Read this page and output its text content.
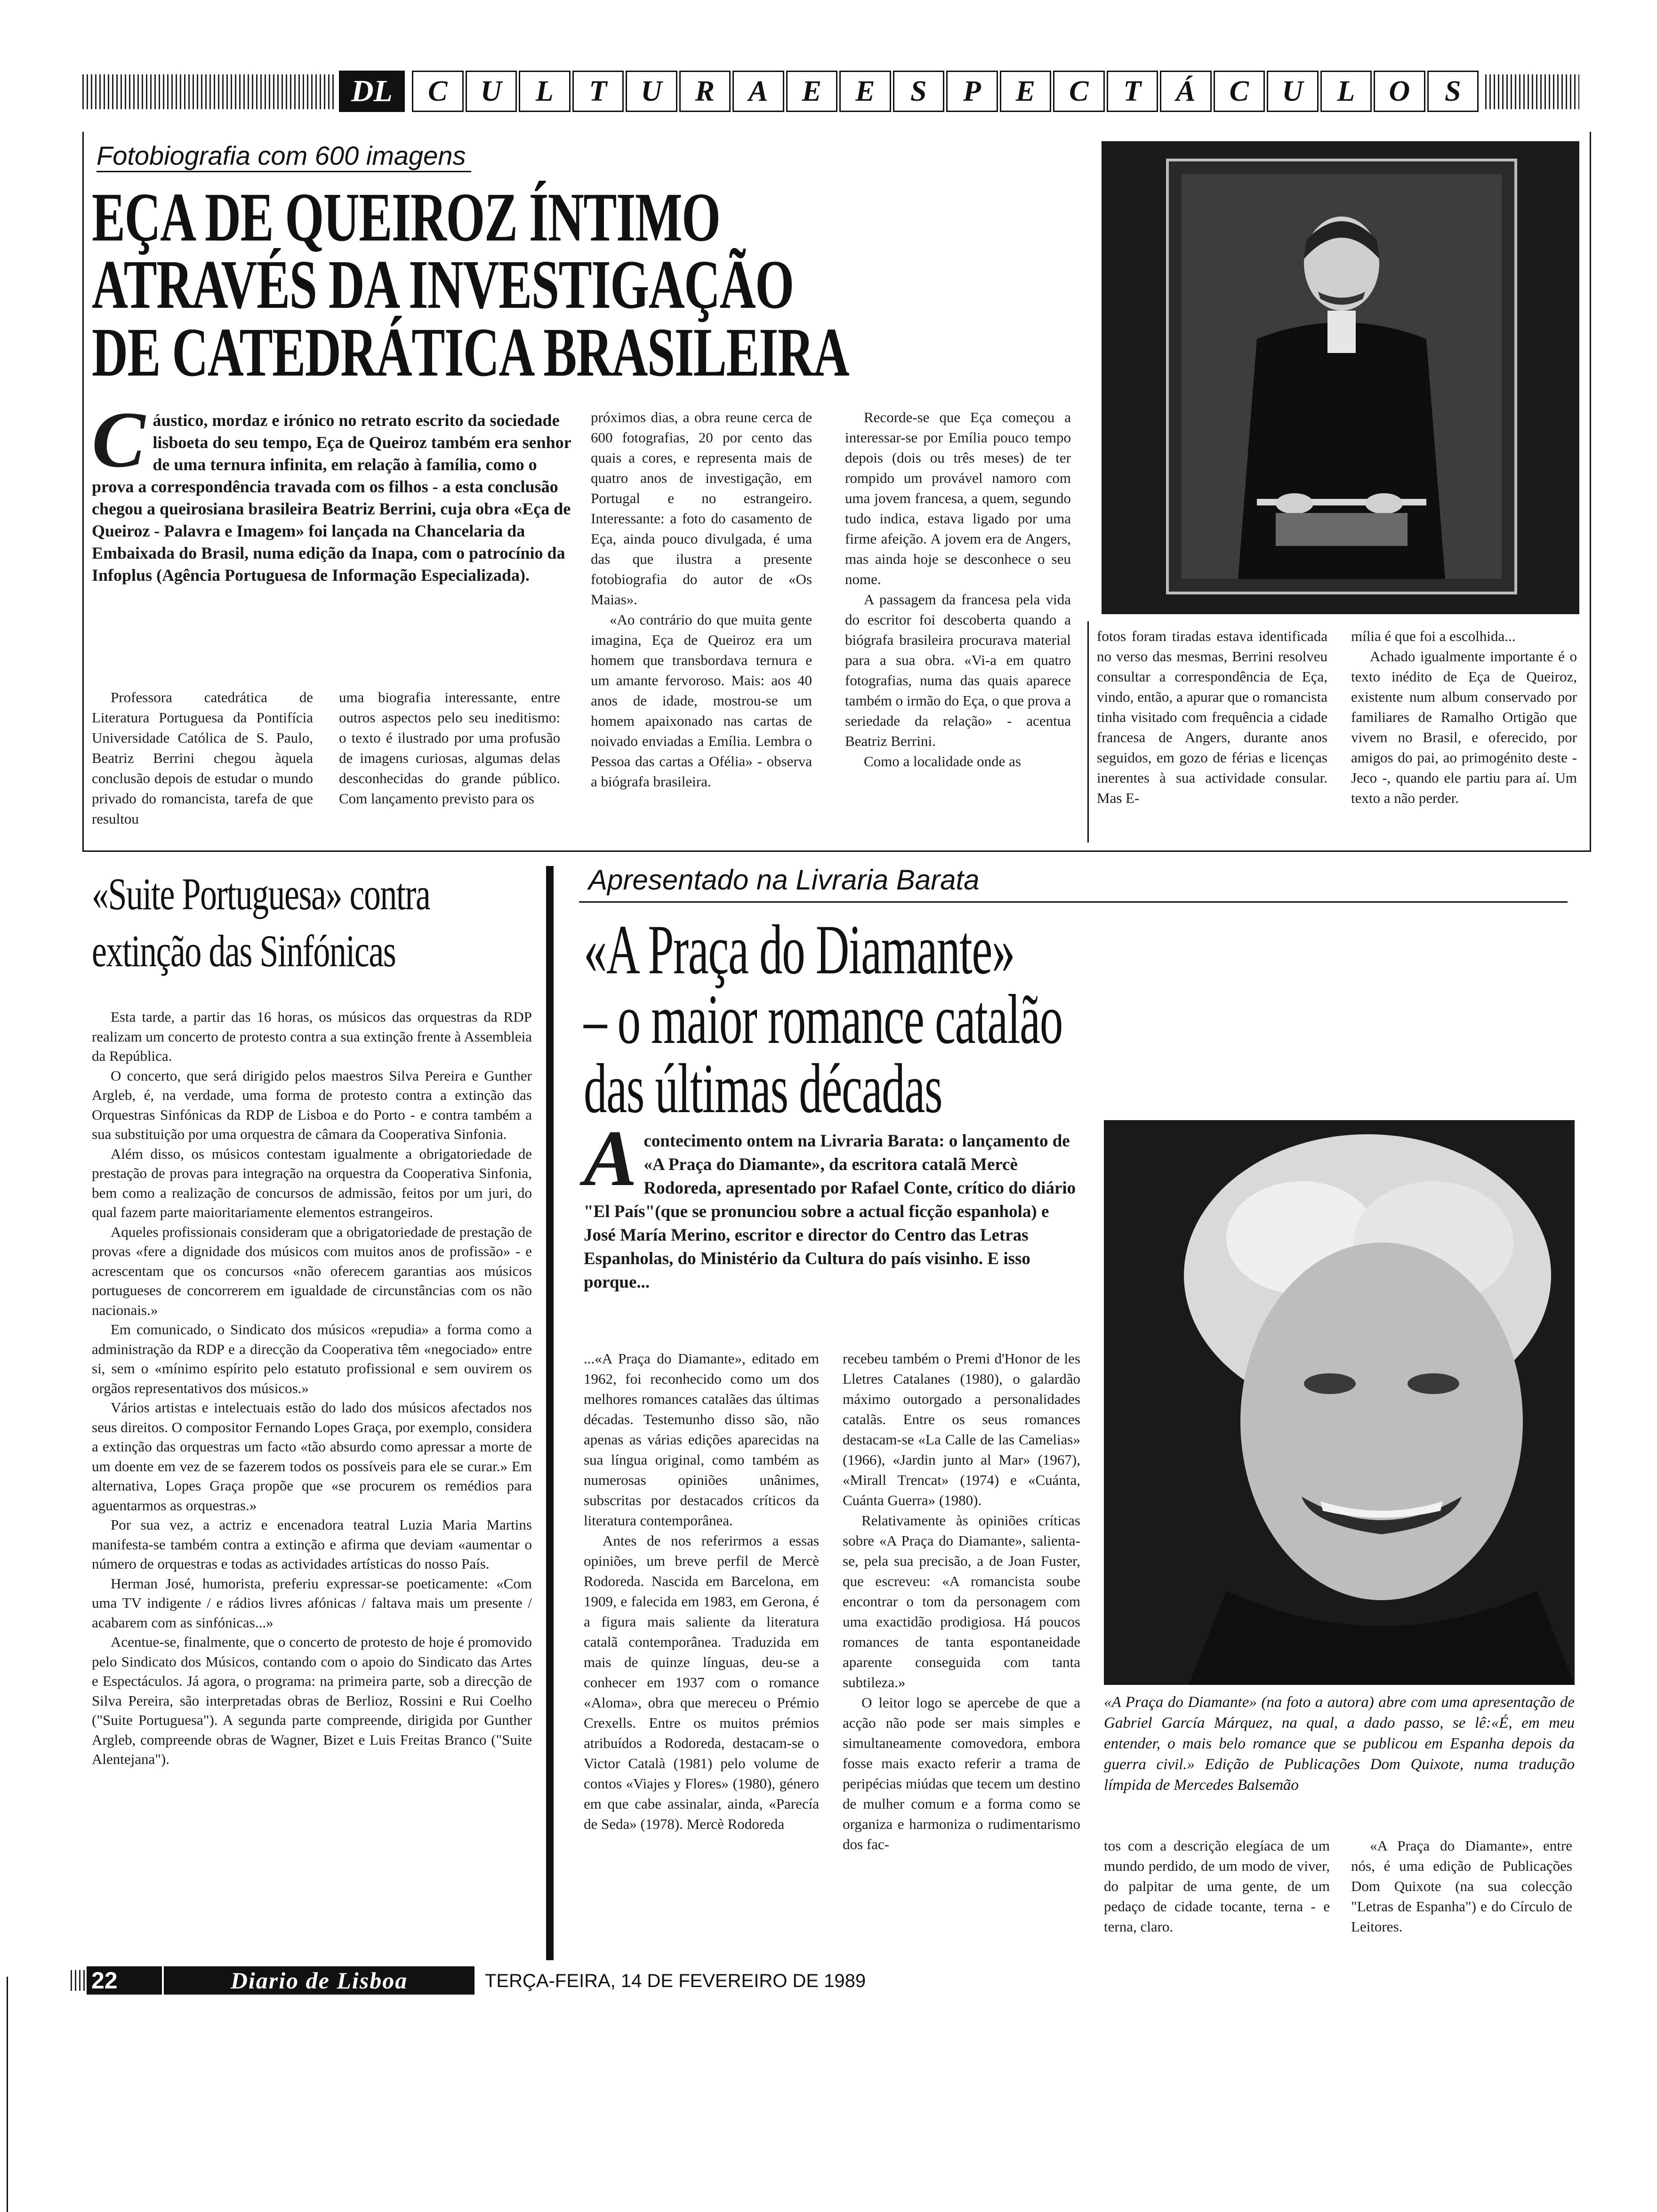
DL	C	U	L	T	U	R	A	E	E	S	P	E	C	T	Á	C	U	L	O	S
Fotobiografia com 600 imagens
EÇA DE QUEIROZ ÍNTIMO
ATRAVÉS DA INVESTIGAÇÃO
DE CATEDRÁTICA BRASILEIRA
C áustico, mordaz e irónico no retrato escrito da sociedade lisboeta do seu tempo, Eça de Queiroz também era senhor de uma ternura infinita, em relação à família, como o prova a correspondência travada com os filhos - a esta conclusão chegou a queirosiana brasileira Beatriz Berrini, cuja obra «Eça de Queiroz - Palavra e Imagem» foi lançada na Chancelaria da Embaixada do Brasil, numa edição da Inapa, com o patrocínio da Infoplus (Agência Portuguesa de Informação Especializada).

Professora catedrática de Literatura Portuguesa da Pontifícia Universidade Católica de S. Paulo, Beatriz Berrini chegou àquela conclusão depois de estudar o mundo privado do romancista, tarefa de que resultou

uma biografia interessante, entre outros aspectos pelo seu ineditismo: o texto é ilustrado por uma profusão de imagens curiosas, algumas delas desconhecidas do grande público. Com lançamento previsto para os

próximos dias, a obra reune cerca de 600 fotografias, 20 por cento das quais a cores, e representa mais de quatro anos de investigação, em Portugal e no estrangeiro. Interessante: a foto do casamento de Eça, ainda pouco divulgada, é uma das que ilustra a presente fotobiografia do autor de «Os Maias».

«Ao contrário do que muita gente imagina, Eça de Queiroz era um homem que transbordava ternura e um amante fervoroso. Mais: aos 40 anos de idade, mostrou-se um homem apaixonado nas cartas de noivado enviadas a Emília. Lembra o Pessoa das cartas a Ofélia» - observa a biógrafa brasileira.

Recorde-se que Eça começou a interessar-se por Emília pouco tempo depois (dois ou três meses) de ter rompido um provável namoro com uma jovem francesa, a quem, segundo tudo indica, estava ligado por uma firme afeição. A jovem era de Angers, mas ainda hoje se desconhece o seu nome.

A passagem da francesa pela vida do escritor foi descoberta quando a biógrafa brasileira procurava material para a sua obra. «Vi-a em quatro fotografias, numa das quais aparece também o irmão do Eça, o que prova a seriedade da relação» - acentua Beatriz Berrini.

Como a localidade onde as

fotos foram tiradas estava identificada no verso das mesmas, Berrini resolveu consultar a correspondência de Eça, vindo, então, a apurar que o romancista tinha visitado com frequência a cidade francesa de Angers, durante anos seguidos, em gozo de férias e licenças inerentes à sua actividade consular. Mas E-

mília é que foi a escolhida...

Achado igualmente importante é o texto inédito de Eça de Queiroz, existente num album conservado por familiares de Ramalho Ortigão que vivem no Brasil, e oferecido, por amigos do pai, ao primogénito deste - Jeco -, quando ele partiu para aí. Um texto a não perder.

«Suite Portuguesa» contra
extinção das Sinfónicas

Esta tarde, a partir das 16 horas, os músicos das orquestras da RDP realizam um concerto de protesto contra a sua extinção frente à Assembleia da República.

O concerto, que será dirigido pelos maestros Silva Pereira e Gunther Argleb, é, na verdade, uma forma de protesto contra a extinção das Orquestras Sinfónicas da RDP de Lisboa e do Porto - e contra também a sua substituição por uma orquestra de câmara da Cooperativa Sinfonia.

Além disso, os músicos contestam igualmente a obrigatoriedade de prestação de provas para integração na orquestra da Cooperativa Sinfonia, bem como a realização de concursos de admissão, feitos por um juri, do qual fazem parte maioritariamente elementos estrangeiros.

Aqueles profissionais consideram que a obrigatoriedade de prestação de provas «fere a dignidade dos músicos com muitos anos de profissão» - e acrescentam que os concursos «não oferecem garantias aos músicos portugueses de concorrerem em igualdade de circunstâncias com os não nacionais.»

Em comunicado, o Sindicato dos músicos «repudia» a forma como a administração da RDP e a direcção da Cooperativa têm «negociado» entre si, sem o «mínimo espírito pelo estatuto profissional e sem ouvirem os orgãos representativos dos músicos.»

Vários artistas e intelectuais estão do lado dos músicos afectados nos seus direitos. O compositor Fernando Lopes Graça, por exemplo, considera a extinção das orquestras um facto «tão absurdo como apressar a morte de um doente em vez de se fazerem todos os possíveis para ele se curar.» Em alternativa, Lopes Graça propõe que «se procurem os remédios para aguentarmos as orquestras.»

Por sua vez, a actriz e encenadora teatral Luzia Maria Martins manifesta-se também contra a extinção e afirma que deviam «aumentar o número de orquestras e todas as actividades artísticas do nosso País.

Herman José, humorista, preferiu expressar-se poeticamente: «Com uma TV indigente / e rádios livres afónicas / faltava mais um presente / acabarem com as sinfónicas...»

Acentue-se, finalmente, que o concerto de protesto de hoje é promovido pelo Sindicato dos Músicos, contando com o apoio do Sindicato das Artes e Espectáculos. Já agora, o programa: na primeira parte, sob a direcção de Silva Pereira, são interpretadas obras de Berlioz, Rossini e Rui Coelho ("Suite Portuguesa"). A segunda parte compreende, dirigida por Gunther Argleb, compreende obras de Wagner, Bizet e Luis Freitas Branco ("Suite Alentejana").

Apresentado na Livraria Barata
«A Praça do Diamante»
– o maior romance catalão
das últimas décadas
A contecimento ontem na Livraria Barata: o lançamento de «A Praça do Diamante», da escritora catalã Mercè Rodoreda, apresentado por Rafael Conte, crítico do diário "El País"(que se pronunciou sobre a actual ficção espanhola) e José María Merino, escritor e director do Centro das Letras Espanholas, do Ministério da Cultura do país visinho. E isso porque...

...«A Praça do Diamante», editado em 1962, foi reconhecido como um dos melhores romances catalães das últimas décadas. Testemunho disso são, não apenas as várias edições aparecidas na sua língua original, como também as numerosas opiniões unânimes, subscritas por destacados críticos da literatura contemporânea.

Antes de nos referirmos a essas opiniões, um breve perfil de Mercè Rodoreda. Nascida em Barcelona, em 1909, e falecida em 1983, em Gerona, é a figura mais saliente da literatura catalã contemporânea. Traduzida em mais de quinze línguas, deu-se a conhecer em 1937 com o romance «Aloma», obra que mereceu o Prémio Crexells. Entre os muitos prémios atribuídos a Rodoreda, destacam-se o Victor Català (1981) pelo volume de contos «Viajes y Flores» (1980), género em que cabe assinalar, ainda, «Parecía de Seda» (1978). Mercè Rodoreda

recebeu também o Premi d'Honor de les Lletres Catalanes (1980), o galardão máximo outorgado a personalidades catalãs. Entre os seus romances destacam-se «La Calle de las Camelias» (1966), «Jardin junto al Mar» (1967), «Mirall Trencat» (1974) e «Cuánta, Cuánta Guerra» (1980).

Relativamente às opiniões críticas sobre «A Praça do Diamante», salienta-se, pela sua precisão, a de Joan Fuster, que escreveu: «A romancista soube encontrar o tom da personagem com uma exactidão prodigiosa. Há poucos romances de tanta espontaneidade aparente conseguida com tanta subtileza.»

O leitor logo se apercebe de que a acção não pode ser mais simples e simultaneamente comovedora, embora fosse mais exacto referir a trama de peripécias miúdas que tecem um destino de mulher comum e a forma como se organiza e harmoniza o rudimentarismo dos fac-

«A Praça do Diamante» (na foto a autora) abre com uma apresentação de Gabriel García Márquez, na qual, a dado passo, se lê:«É, em meu entender, o mais belo romance que se publicou em Espanha depois da guerra civil.» Edição de Publicações Dom Quixote, numa tradução límpida de Mercedes Balsemão

tos com a descrição elegíaca de um mundo perdido, de um modo de viver, do palpitar de uma gente, de um pedaço de cidade tocante, terna - e terna, claro.

«A Praça do Diamante», entre nós, é uma edição de Publicações Dom Quixote (na sua colecção "Letras de Espanha") e do Círculo de Leitores.

22	Diario de Lisboa	TERÇA-FEIRA, 14 DE FEVEREIRO DE 1989
